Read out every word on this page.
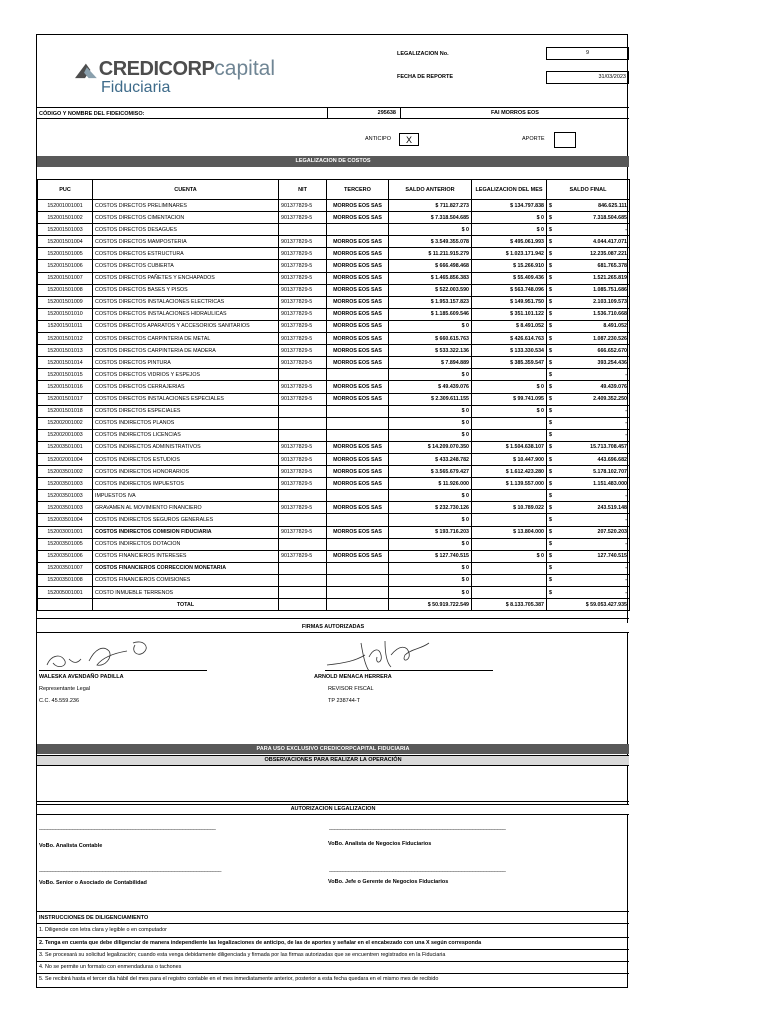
CREDICORP capital
Fiduciaria
LEGALIZACION No.	9
FECHA DE REPORTE	31/03/2023
CÓDIGO Y NOMBRE DEL FIDEICOMISO:	295638	FAI MORROS EOS
ANTICIPO	X	APORTE
LEGALIZACION DE COSTOS
PUC	CUENTA	NIT	TERCERO	SALDO ANTERIOR	LEGALIZACION DEL MES	SALDO FINAL
152001001001	COSTOS DIRECTOS PRELIMINARES	901377829-5	MORROS EOS SAS	$ 711.827.273	$ 134.797.838	$ 846.625.111

152001501002	COSTOS DIRECTOS CIMENTACION	901377829-5	MORROS EOS SAS	$ 7.318.504.685	$ 0	$ 7.318.504.685

152001501003	COSTOS DIRECTOS DESAGUES			$ 0	$ 0	$ -

152001501004	COSTOS DIRECTOS MAMPOSTERIA	901377829-5	MORROS EOS SAS	$ 3.549.355.078	$ 495.061.993	$ 4.044.417.071

152001501005	COSTOS DIRECTOS ESTRUCTURA	901377829-5	MORROS EOS SAS	$ 11.211.915.279	$ 1.023.171.942	$ 12.235.087.221

152001501006	COSTOS DIRECTOS CUBIERTA	901377829-5	MORROS EOS SAS	$ 666.498.468	$ 15.266.910	$ 681.765.378

152001501007	COSTOS DIRECTOS PAÑETES Y ENCHAPADOS	901377829-5	MORROS EOS SAS	$ 1.465.856.383	$ 55.409.436	$ 1.521.265.819

152001501008	COSTOS DIRECTOS BASES Y PISOS	901377829-5	MORROS EOS SAS	$ 522.003.590	$ 563.748.096	$ 1.085.751.686

152001501009	COSTOS DIRECTOS INSTALACIONES ELECTRICAS	901377829-5	MORROS EOS SAS	$ 1.953.157.823	$ 149.951.750	$ 2.103.109.573

152001501010	COSTOS DIRECTOS INSTALACIONES HIDRAULICAS	901377829-5	MORROS EOS SAS	$ 1.185.609.546	$ 351.101.122	$ 1.536.710.668

152001501011	COSTOS DIRECTOS APARATOS Y ACCESORIOS SANITARIOS	901377829-5	MORROS EOS SAS	$ 0	$ 8.491.052	$ 8.491.052

152001501012	COSTOS DIRECTOS CARPINTERIA DE METAL	901377829-5	MORROS EOS SAS	$ 660.615.763	$ 426.614.763	$ 1.087.230.526

152001501013	COSTOS DIRECTOS CARPINTERIA DE MADERA	901377829-5	MORROS EOS SAS	$ 533.322.136	$ 133.330.534	$ 666.652.670

152001501014	COSTOS DIRECTOS PINTURA	901377829-5	MORROS EOS SAS	$ 7.894.889	$ 385.359.547	$ 393.254.436

152001501015	COSTOS DIRECTOS VIDRIOS Y ESPEJOS			$ 0		$ -

152001501016	COSTOS DIRECTOS CERRAJERIAS	901377829-5	MORROS EOS SAS	$ 49.439.076	$ 0	$ 49.439.076

152001501017	COSTOS DIRECTOS INSTALACIONES ESPECIALES	901377829-5	MORROS EOS SAS	$ 2.309.611.155	$ 99.741.095	$ 2.409.352.250

152001501018	COSTOS DIRECTOS ESPECIALES			$ 0	$ 0	$ -

152002001002	COSTOS INDIRECTOS PLANOS			$ 0		$ -

152002001003	COSTOS INDIRECTOS LICENCIAS			$ 0		$ -

152003501001	COSTOS INDIRECTOS ADMINISTRATIVOS	901377829-5	MORROS EOS SAS	$ 14.209.070.350	$ 1.504.638.107	$ 15.713.708.457

152002001004	COSTOS INDIRECTOS ESTUDIOS	901377829-5	MORROS EOS SAS	$ 433.248.782	$ 10.447.900	$ 443.696.682

152003501002	COSTOS INDIRECTOS HONORARIOS	901377829-5	MORROS EOS SAS	$ 3.565.679.427	$ 1.612.423.280	$ 5.178.102.707

152003501003	COSTOS INDIRECTOS IMPUESTOS	901377829-5	MORROS EOS SAS	$ 11.926.000	$ 1.139.557.000	$ 1.151.483.000

152003501003	IMPUESTOS IVA			$ 0		$ -

152003501003	GRAVAMEN AL MOVIMIENTO FINANCIERO	901377829-5	MORROS EOS SAS	$ 232.730.126	$ 10.789.022	$ 243.519.148

152003501004	COSTOS INDIRECTOS SEGUROS GENERALES			$ 0		$ -

152003001001	COSTOS INDIRECTOS COMISION FIDUCIARIA	901377829-5	MORROS EOS SAS	$ 193.716.203	$ 13.804.000	$ 207.520.203

152003501005	COSTOS INDIRECTOS DOTACION			$ 0		$ -

152003501006	COSTOS FINANCIEROS INTERESES	901377829-5	MORROS EOS SAS	$ 127.740.515	$ 0	$ 127.740.515

152003501007	COSTOS FINANCIEROS CORRECCION MONETARIA			$ 0		$ -

152003501008	COSTOS FINANCIEROS COMISIONES			$ 0		$ -

152005001001	COSTO INMUEBLE TERRENOS			$ 0		$ -

	TOTAL			$ 50.919.722.549	$ 8.133.705.387	$ 59.053.427.935
FIRMAS AUTORIZADAS
WALESKA AVENDAÑO PADILLA
Representante Legal
C.C. 45.559.236
ARNOLD MENACA HERRERA
REVISOR FISCAL
TP 238744-T
PARA USO EXCLUSIVO CREDICORPCAPITAL FIDUCIARIA
OBSERVACIONES PARA REALIZAR LA OPERACIÓN
AUTORIZACION LEGALIZACION
________________________________________________________________	________________________________________________________________
VoBo. Analista Contable	VoBo. Analista de Negocios Fiduciarios
__________________________________________________________________	________________________________________________________________
VoBo. Senior o Asociado de Contabilidad	VoBo. Jefe o Gerente de Negocios Fiduciarios
INSTRUCCIONES DE DILIGENCIAMIENTO
1. Diligencie con letra clara y legible o en computador
2. Tenga en cuenta que debe diligenciar de manera independiente las legalizaciones de anticipo, de las de aportes y señalar en el encabezado con una X según corresponda
3. Se procesará su solicitud legalización; cuando esta venga debidamente diligenciada y firmada por las firmas autorizadas que se encuentren registrados en la Fiduciaria
4. No se permite un formato con enmendaduras o tachones
5. Se recibirá hasta el tercer día hábil del mes para el registro contable en el mes inmediatamente anterior, posterior a esta fecha quedara en el mismo mes de recibido
